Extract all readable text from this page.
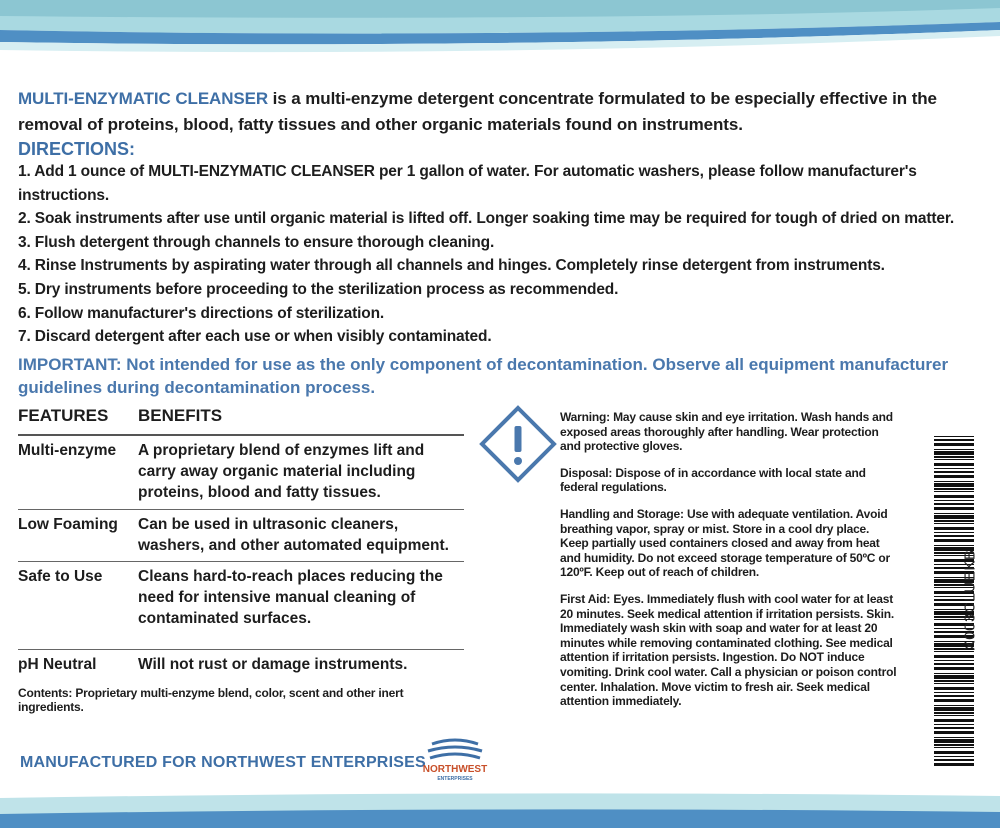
MULTI-ENZYMATIC CLEANSER is a multi-enzyme detergent concentrate formulated to be especially effective in the removal of proteins, blood, fatty tissues and other organic materials found on instruments.

DIRECTIONS:
1. Add 1 ounce of MULTI-ENZYMATIC CLEANSER per 1 gallon of water. For automatic washers, please follow manufacturer's instructions.
2. Soak instruments after use until organic material is lifted off. Longer soaking time may be required for tough of dried on matter.
3. Flush detergent through channels to ensure thorough cleaning.
4. Rinse Instruments by aspirating water through all channels and hinges. Completely rinse detergent from instruments.
5. Dry instruments before proceeding to the sterilization process as recommended.
6. Follow manufacturer's directions of sterilization.
7. Discard detergent after each use or when visibly contaminated.

IMPORTANT: Not intended for use as the only component of decontamination. Observe all equipment manufacturer guidelines during decontamination process.

FEATURES	BENEFITS
Multi-enzyme	A proprietary blend of enzymes lift and carry away organic material including proteins, blood and fatty tissues.
Low Foaming	Can be used in ultrasonic cleaners, washers, and other automated equipment.
Safe to Use	Cleans hard-to-reach places reducing the need for intensive manual cleaning of contaminated surfaces.
pH Neutral	Will not rust or damage instruments.
Contents: Proprietary multi-enzyme blend, color, scent and other inert ingredients.

Warning: May cause skin and eye irritation. Wash hands and exposed areas thoroughly after handling. Wear protection and protective gloves.

Disposal: Dispose of in accordance with local state and federal regulations.

Handling and Storage: Use with adequate ventilation. Avoid breathing vapor, spray or mist. Store in a cool dry place. Keep partially used containers closed and away from heat and humidity. Do not exceed storage temperature of 50ºC or 120ºF. Keep out of reach of children.

First Aid: Eyes. Immediately flush with cool water for at least 20 minutes. Seek medical attention if irritation persists. Skin. Immediately wash skin with soap and water for at least 20 minutes while removing contaminated clothing. See medical attention if irritation persists. Ingestion. Do NOT induce vomiting. Drink cool water. Call a physician or poison control center. Inhalation. Move victim to fresh air. Seek medical attention immediately.

X003CLUEKB
MANUFACTURED FOR NORTHWEST ENTERPRISES
NORTHWEST
ENTERPRISES
